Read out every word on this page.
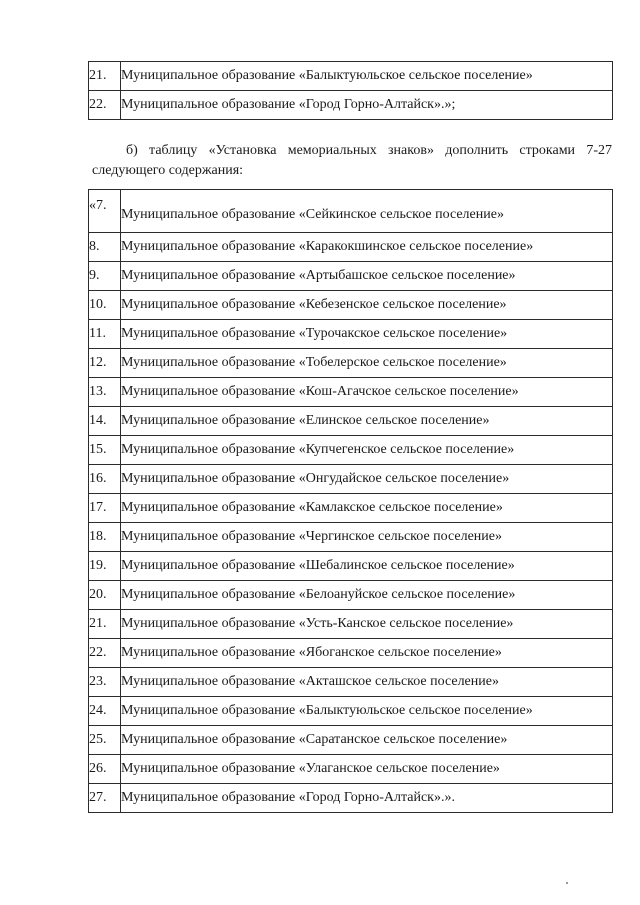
21.	Муниципальное образование «Балыктуюльское сельское поселение»
22.	Муниципальное образование «Город Горно-Алтайск».»;
б) таблицу «Установка мемориальных знаков» дополнить строками 7-27
следующего содержания:
«7.	Муниципальное образование «Сейкинское сельское поселение»
8.	Муниципальное образование «Каракокшинское сельское поселение»
9.	Муниципальное образование «Артыбашское сельское поселение»
10.	Муниципальное образование «Кебезенское сельское поселение»
11.	Муниципальное образование «Турочакское сельское поселение»
12.	Муниципальное образование «Тобелерское сельское поселение»
13.	Муниципальное образование «Кош-Агачское сельское поселение»
14.	Муниципальное образование «Елинское сельское поселение»
15.	Муниципальное образование «Купчегенское сельское поселение»
16.	Муниципальное образование «Онгудайское сельское поселение»
17.	Муниципальное образование «Камлакское сельское поселение»
18.	Муниципальное образование «Чергинское сельское поселение»
19.	Муниципальное образование «Шебалинское сельское поселение»
20.	Муниципальное образование «Белоануйское сельское поселение»
21.	Муниципальное образование «Усть-Канское сельское поселение»
22.	Муниципальное образование «Ябоганское сельское поселение»
23.	Муниципальное образование «Акташское сельское поселение»
24.	Муниципальное образование «Балыктуюльское сельское поселение»
25.	Муниципальное образование «Саратанское сельское поселение»
26.	Муниципальное образование «Улаганское сельское поселение»
27.	Муниципальное образование «Город Горно-Алтайск».».
